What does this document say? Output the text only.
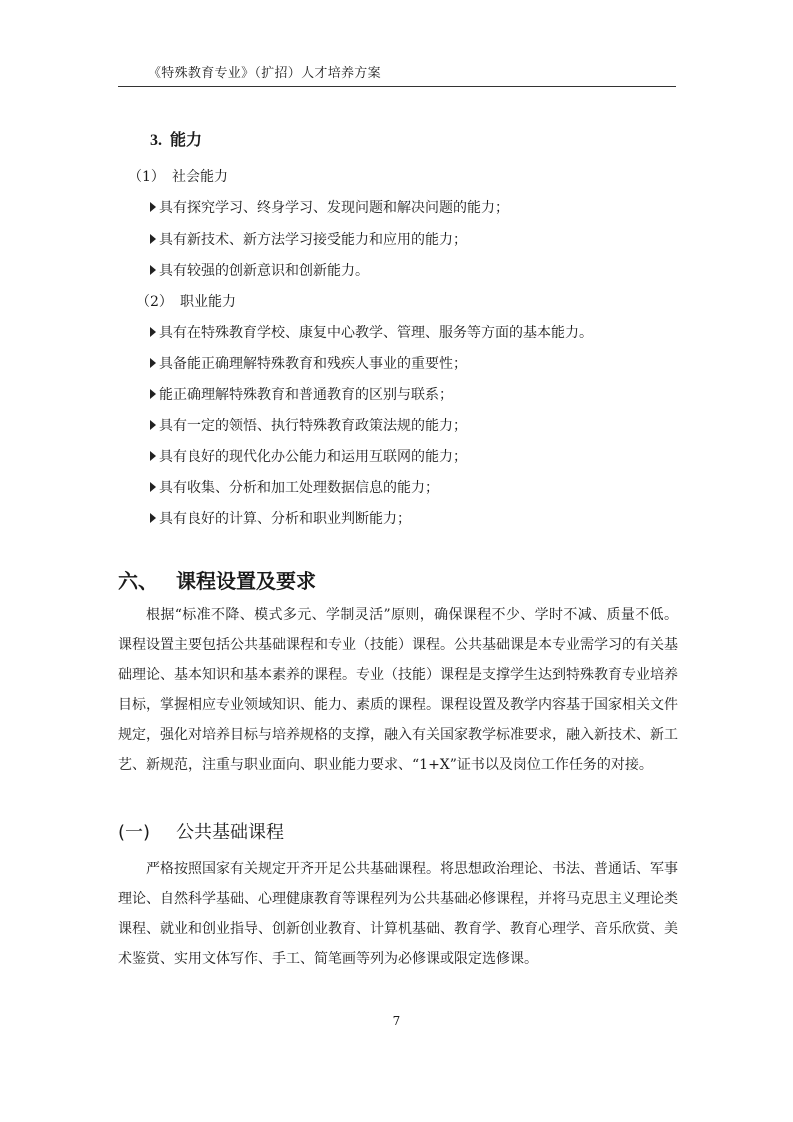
《特殊教育专业》（扩招）人才培养方案
3. 能力
（1） 社会能力
具有探究学习、终身学习、发现问题和解决问题的能力；
具有新技术、新方法学习接受能力和应用的能力；
具有较强的创新意识和创新能力。
（2） 职业能力
具有在特殊教育学校、康复中心教学、管理、服务等方面的基本能力。
具备能正确理解特殊教育和残疾人事业的重要性；
能正确理解特殊教育和普通教育的区别与联系；
具有一定的领悟、执行特殊教育政策法规的能力；
具有良好的现代化办公能力和运用互联网的能力；
具有收集、分析和加工处理数据信息的能力；
具有良好的计算、分析和职业判断能力；
六、 课程设置及要求
根据“标准不降、模式多元、学制灵活”原则，确保课程不少、学时不减、质量不低。课程设置主要包括公共基础课程和专业（技能）课程。公共基础课是本专业需学习的有关基础理论、基本知识和基本素养的课程。专业（技能）课程是支撑学生达到特殊教育专业培养目标，掌握相应专业领域知识、能力、素质的课程。课程设置及教学内容基于国家相关文件规定，强化对培养目标与培养规格的支撑，融入有关国家教学标准要求，融入新技术、新工艺、新规范，注重与职业面向、职业能力要求、“1+X”证书以及岗位工作任务的对接。
(一) 公共基础课程
严格按照国家有关规定开齐开足公共基础课程。将思想政治理论、书法、普通话、军事理论、自然科学基础、心理健康教育等课程列为公共基础必修课程，并将马克思主义理论类课程、就业和创业指导、创新创业教育、计算机基础、教育学、教育心理学、音乐欣赏、美术鉴赏、实用文体写作、手工、简笔画等列为必修课或限定选修课。
7
